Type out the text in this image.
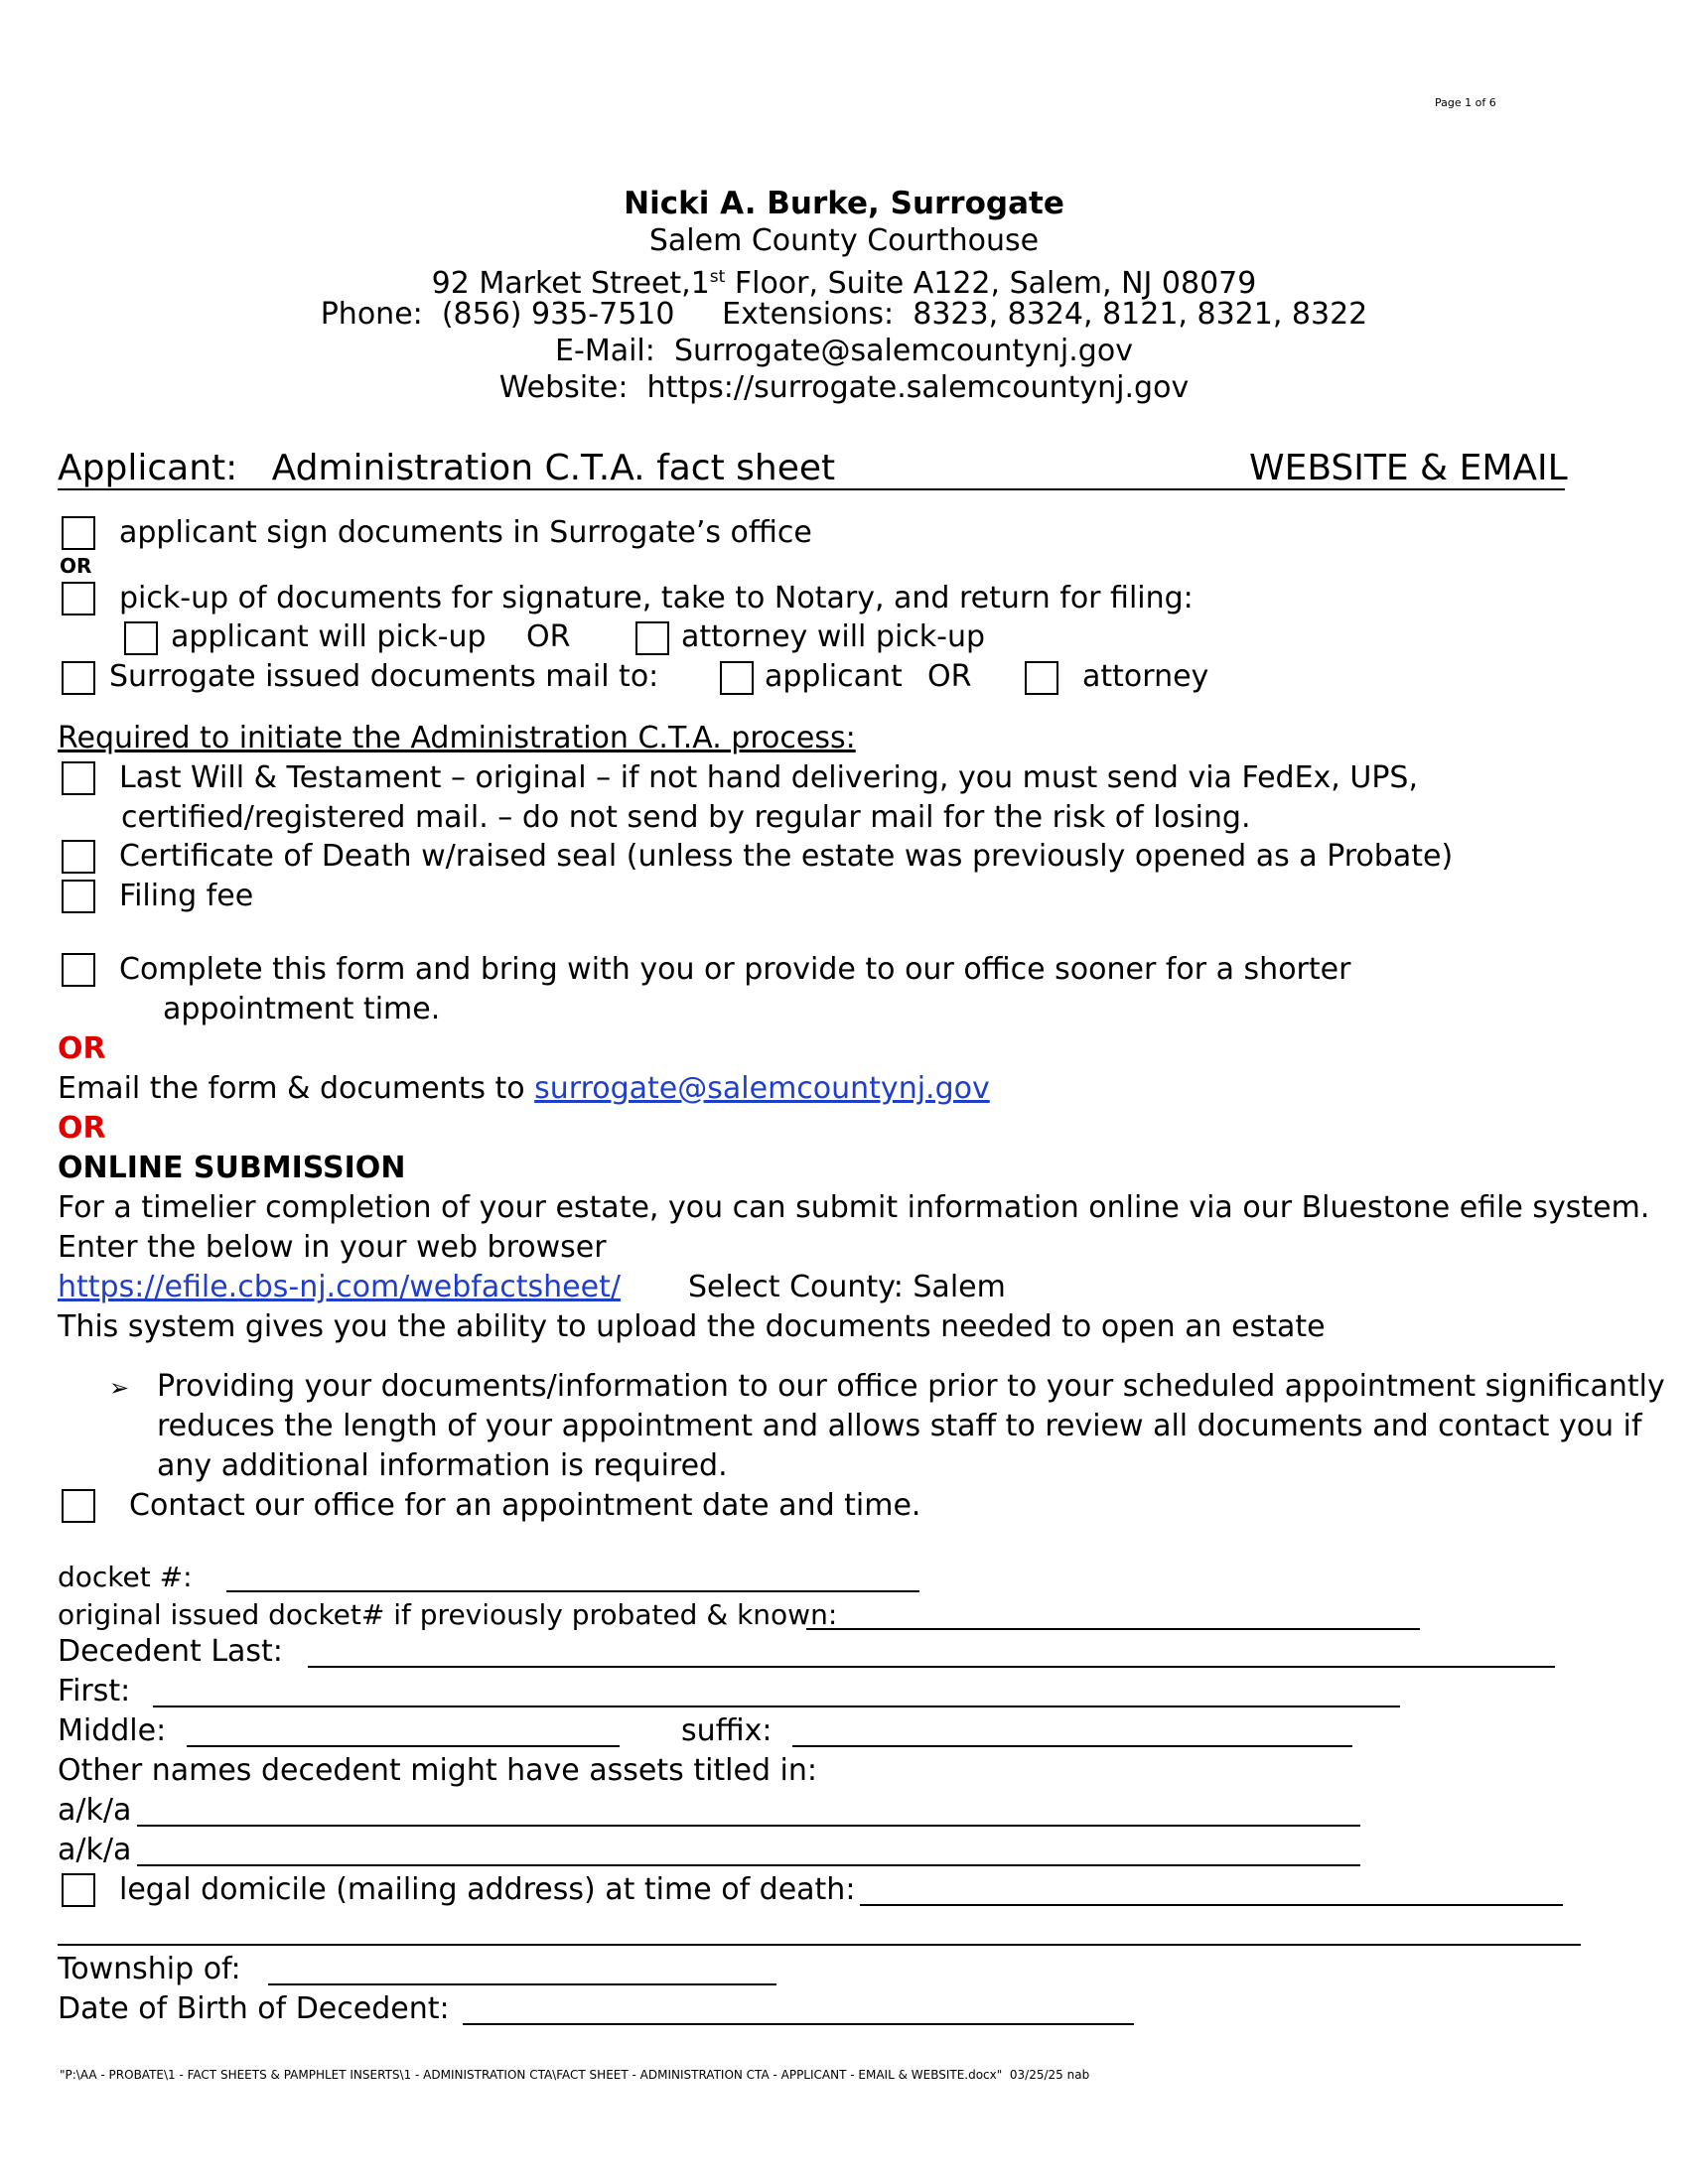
Page 1 of 6
Nicki A. Burke, Surrogate
Salem County Courthouse
92 Market Street,1st Floor, Suite A122, Salem, NJ 08079
Phone:  (856) 935-7510     Extensions:  8323, 8324, 8121, 8321, 8322
E-Mail:  Surrogate@salemcountynj.gov
Website:  https://surrogate.salemcountynj.gov
Applicant:   Administration C.T.A. fact sheet	WEBSITE & EMAIL
applicant sign documents in Surrogate’s office
OR
pick-up of documents for signature, take to Notary, and return for filing:
applicant will pick-up OR	attorney will pick-up
Surrogate issued documents mail to:	applicant OR	attorney
Required to initiate the Administration C.T.A. process:
Last Will & Testament – original – if not hand delivering, you must send via FedEx, UPS,
certified/registered mail. – do not send by regular mail for the risk of losing.
Certificate of Death w/raised seal (unless the estate was previously opened as a Probate)
Filing fee
Complete this form and bring with you or provide to our office sooner for a shorter
appointment time.
OR
Email the form & documents to surrogate@salemcountynj.gov
OR
ONLINE SUBMISSION
For a timelier completion of your estate, you can submit information online via our Bluestone efile system.
Enter the below in your web browser
https://efile.cbs-nj.com/webfactsheet/ Select County: Salem
This system gives you the ability to upload the documents needed to open an estate
➢ Providing your documents/information to our office prior to your scheduled appointment significantly
reduces the length of your appointment and allows staff to review all documents and contact you if
any additional information is required.
Contact our office for an appointment date and time.
docket #:
original issued docket# if previously probated & known:
Decedent Last:
First:
Middle:	suffix:
Other names decedent might have assets titled in:
a/k/a
a/k/a
legal domicile (mailing address) at time of death:
Township of:
Date of Birth of Decedent:
"P:\AA - PROBATE\1 - FACT SHEETS & PAMPHLET INSERTS\1 - ADMINISTRATION CTA\FACT SHEET - ADMINISTRATION CTA - APPLICANT - EMAIL & WEBSITE.docx"  03/25/25 nab
